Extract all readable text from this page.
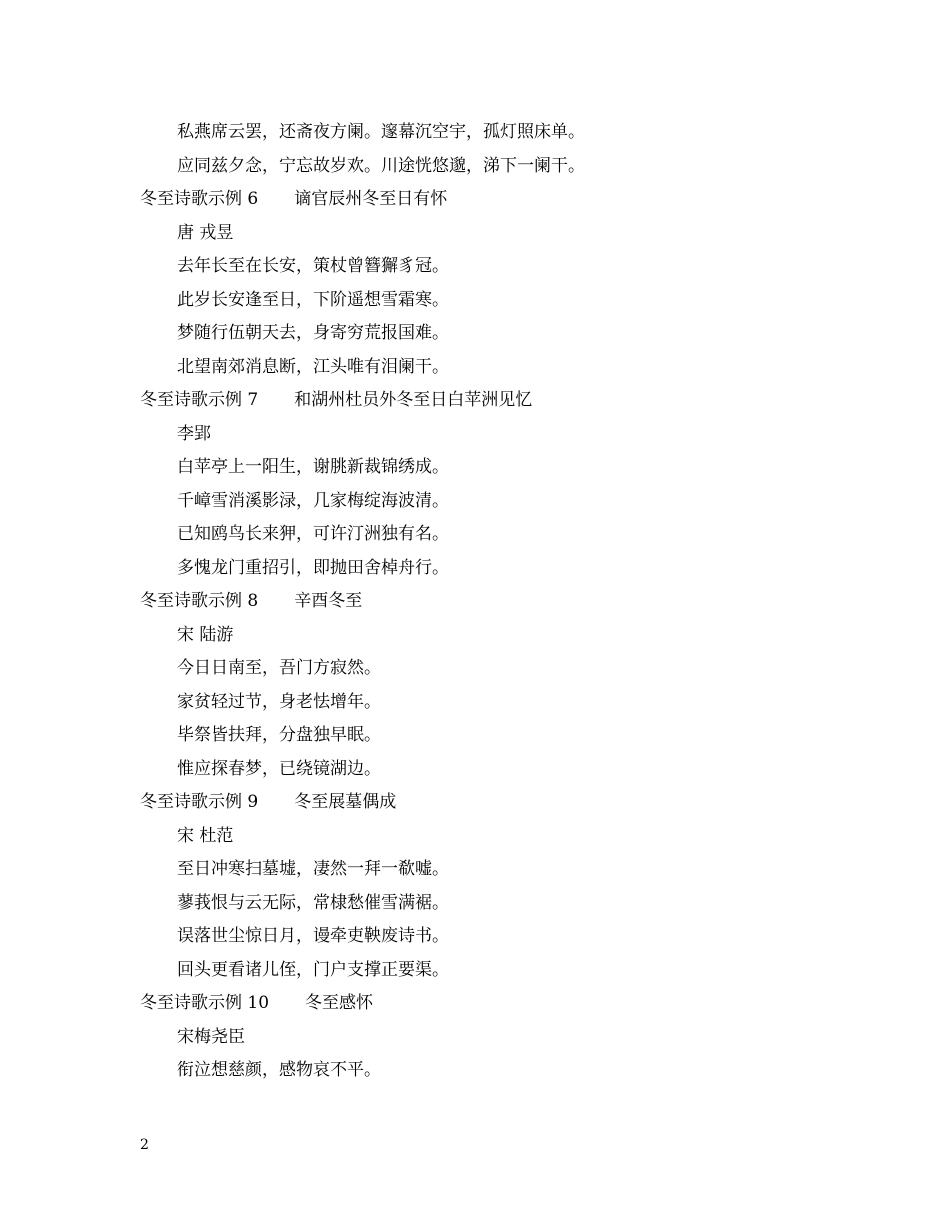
私燕席云罢，还斋夜方阑。邃幕沉空宇，孤灯照床单。
应同兹夕念，宁忘故岁欢。川途恍悠邈，涕下一阑干。
冬至诗歌示例 6 谪官辰州冬至日有怀
唐 戎昱
去年长至在长安，策杖曾簪獬豸冠。
此岁长安逢至日，下阶遥想雪霜寒。
梦随行伍朝天去，身寄穷荒报国难。
北望南郊消息断，江头唯有泪阑干。
冬至诗歌示例 7 和湖州杜员外冬至日白苹洲见忆
李郢
白苹亭上一阳生，谢朓新裁锦绣成。
千嶂雪消溪影渌，几家梅绽海波清。
已知鸥鸟长来狎，可许汀洲独有名。
多愧龙门重招引，即抛田舍棹舟行。
冬至诗歌示例 8 辛酉冬至
宋 陆游
今日日南至，吾门方寂然。
家贫轻过节，身老怯增年。
毕祭皆扶拜，分盘独早眠。
惟应探春梦，已绕镜湖边。
冬至诗歌示例 9 冬至展墓偶成
宋 杜范
至日冲寒扫墓墟，凄然一拜一欷嘘。
蓼莪恨与云无际，常棣愁催雪满裾。
误落世尘惊日月，谩牵吏鞅废诗书。
回头更看诸儿侄，门户支撑正要渠。
冬至诗歌示例 10 冬至感怀
宋梅尧臣
衔泣想慈颜，感物哀不平。
2
